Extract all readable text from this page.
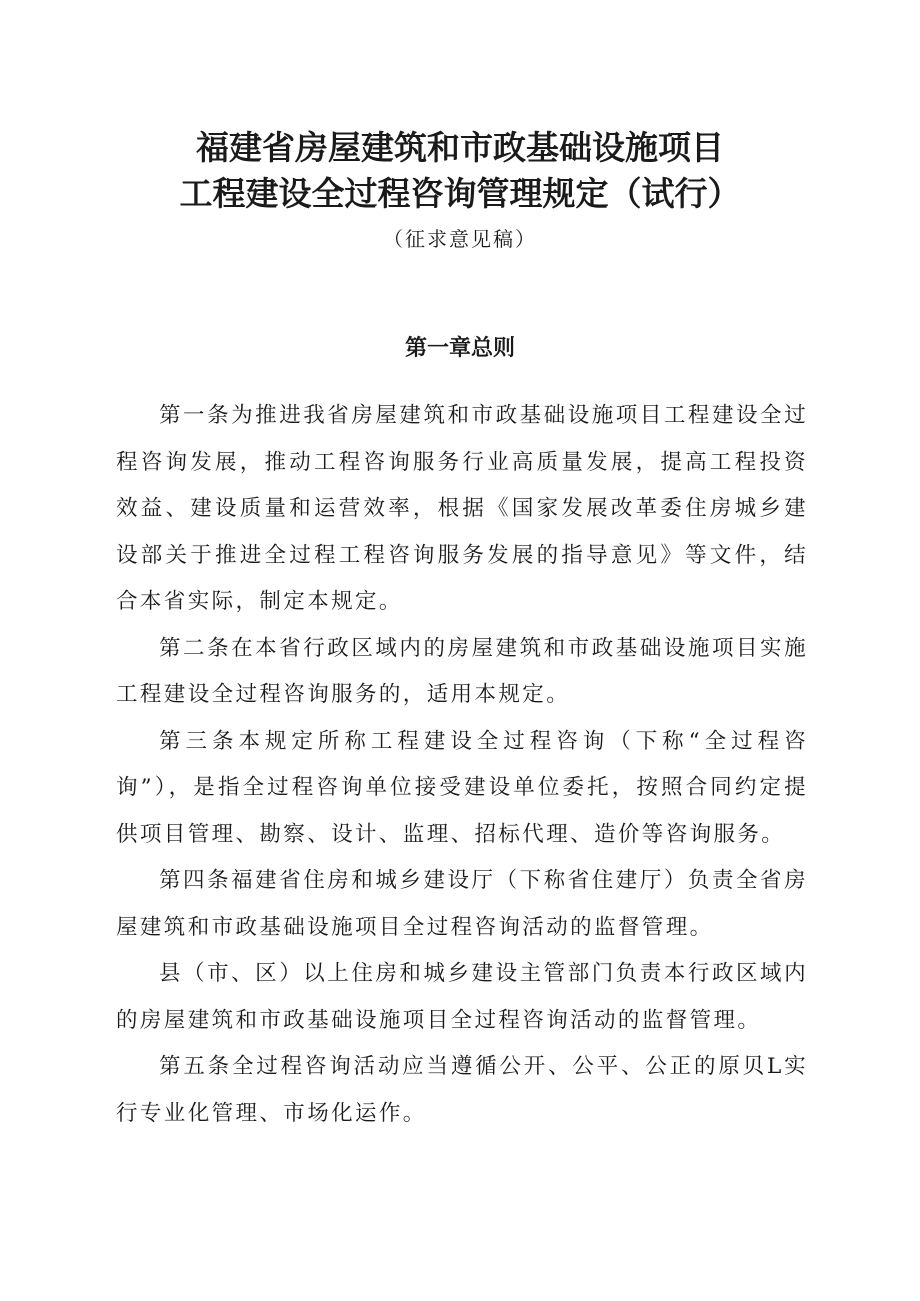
福建省房屋建筑和市政基础设施项目
工程建设全过程咨询管理规定（试行）
（征求意见稿）
第一章总则

第一条为推进我省房屋建筑和市政基础设施项目工程建设全过程咨询发展，推动工程咨询服务行业高质量发展，提高工程投资效益、建设质量和运营效率，根据《国家发展改革委住房城乡建设部关于推进全过程工程咨询服务发展的指导意见》等文件，结合本省实际，制定本规定。

第二条在本省行政区域内的房屋建筑和市政基础设施项目实施工程建设全过程咨询服务的，适用本规定。

第三条本规定所称工程建设全过程咨询（下称“全过程咨询”），是指全过程咨询单位接受建设单位委托，按照合同约定提供项目管理、勘察、设计、监理、招标代理、造价等咨询服务。

第四条福建省住房和城乡建设厅（下称省住建厅）负责全省房屋建筑和市政基础设施项目全过程咨询活动的监督管理。

县（市、区）以上住房和城乡建设主管部门负责本行政区域内的房屋建筑和市政基础设施项目全过程咨询活动的监督管理。

第五条全过程咨询活动应当遵循公开、公平、公正的原贝L实行专业化管理、市场化运作。
